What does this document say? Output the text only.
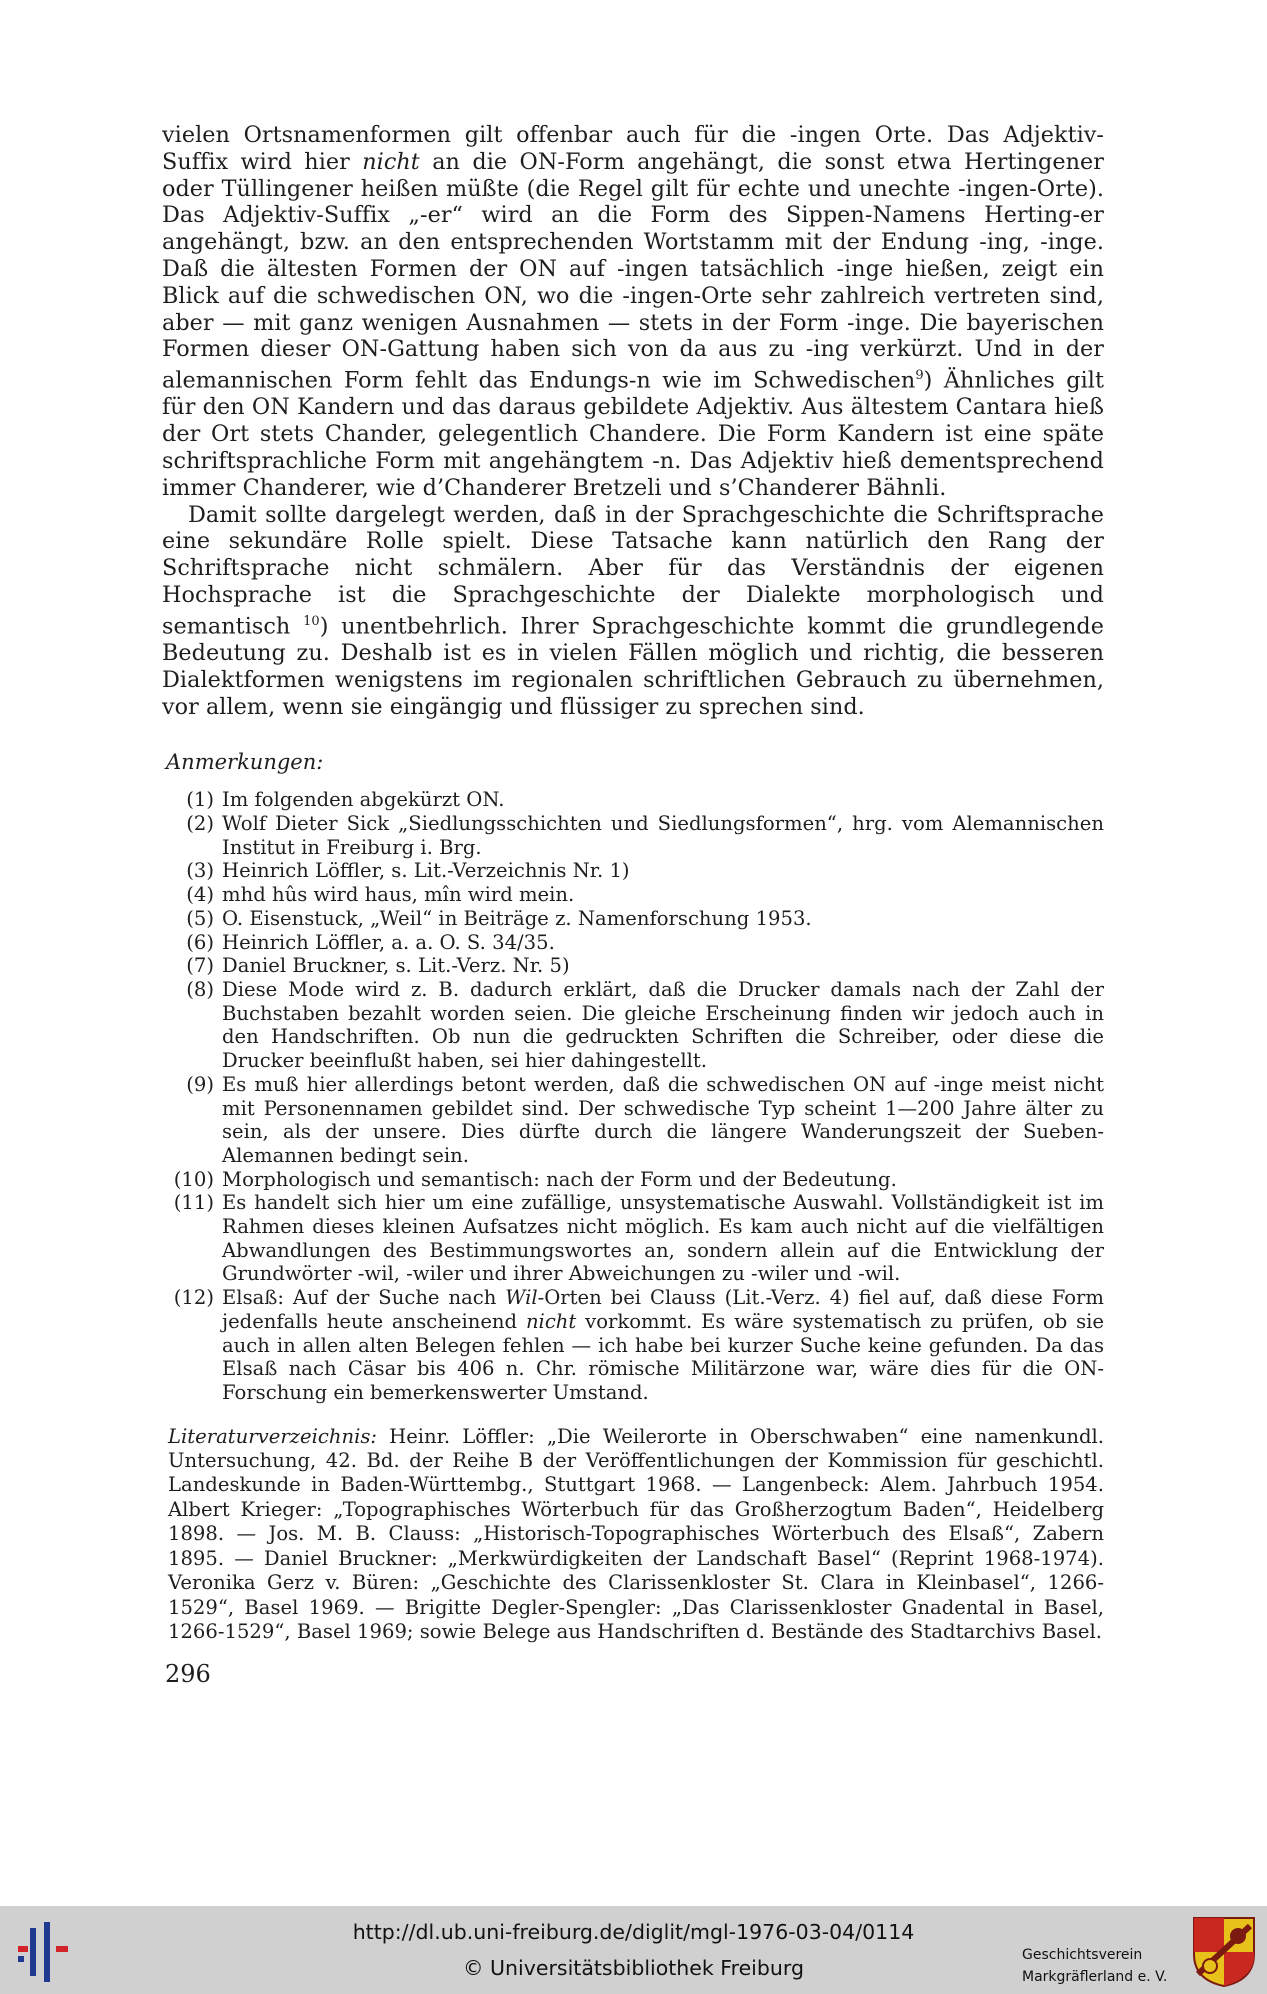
vielen Ortsnamenformen gilt offenbar auch für die -ingen Orte. Das Adjektiv-Suffix wird hier nicht an die ON-Form angehängt, die sonst etwa Hertingener oder Tüllingener heißen müßte (die Regel gilt für echte und unechte -ingen-Orte). Das Adjektiv-Suffix „-er“ wird an die Form des Sippen-Namens Herting-er angehängt, bzw. an den entsprechenden Wortstamm mit der Endung -ing, -inge. Daß die ältesten Formen der ON auf -ingen tatsächlich -inge hießen, zeigt ein Blick auf die schwedischen ON, wo die -ingen-Orte sehr zahlreich vertreten sind, aber — mit ganz wenigen Ausnahmen — stets in der Form -inge. Die bayerischen Formen dieser ON-Gattung haben sich von da aus zu -ing verkürzt. Und in der alemannischen Form fehlt das Endungs-n wie im Schwedischen$^9$) Ähnliches gilt für den ON Kandern und das daraus gebildete Adjektiv. Aus ältestem Cantara hieß der Ort stets Chander, gelegentlich Chandere. Die Form Kandern ist eine späte schriftsprachliche Form mit angehängtem -n. Das Adjektiv hieß dementsprechend immer Chanderer, wie d’Chanderer Bretzeli und s’Chanderer Bähnli.

Damit sollte dargelegt werden, daß in der Sprachgeschichte die Schriftsprache eine sekundäre Rolle spielt. Diese Tatsache kann natürlich den Rang der Schriftsprache nicht schmälern. Aber für das Verständnis der eigenen Hochsprache ist die Sprachgeschichte der Dialekte morphologisch und semantisch $^{10}$) unentbehrlich. Ihrer Sprachgeschichte kommt die grundlegende Bedeutung zu. Deshalb ist es in vielen Fällen möglich und richtig, die besseren Dialektformen wenigstens im regionalen schriftlichen Gebrauch zu übernehmen, vor allem, wenn sie eingängig und flüssiger zu sprechen sind.

Anmerkungen:
(1) Im folgenden abgekürzt ON.
(2) Wolf Dieter Sick „Siedlungsschichten und Siedlungsformen“, hrg. vom Alemannischen Institut in Freiburg i. Brg.
(3) Heinrich Löffler, s. Lit.-Verzeichnis Nr. 1)
(4) mhd hûs wird haus, mîn wird mein.
(5) O. Eisenstuck, „Weil“ in Beiträge z. Namenforschung 1953.
(6) Heinrich Löffler, a. a. O. S. 34/35.
(7) Daniel Bruckner, s. Lit.-Verz. Nr. 5)
(8) Diese Mode wird z. B. dadurch erklärt, daß die Drucker damals nach der Zahl der Buchstaben bezahlt worden seien. Die gleiche Erscheinung finden wir jedoch auch in den Handschriften. Ob nun die gedruckten Schriften die Schreiber, oder diese die Drucker beeinflußt haben, sei hier dahingestellt.
(9) Es muß hier allerdings betont werden, daß die schwedischen ON auf -inge meist nicht mit Personennamen gebildet sind. Der schwedische Typ scheint 1—200 Jahre älter zu sein, als der unsere. Dies dürfte durch die längere Wanderungszeit der Sueben-Alemannen bedingt sein.
(10) Morphologisch und semantisch: nach der Form und der Bedeutung.
(11) Es handelt sich hier um eine zufällige, unsystematische Auswahl. Vollständigkeit ist im Rahmen dieses kleinen Aufsatzes nicht möglich. Es kam auch nicht auf die vielfältigen Abwandlungen des Bestimmungswortes an, sondern allein auf die Entwicklung der Grundwörter -wil, -wiler und ihrer Abweichungen zu -wiler und -wil.
(12) Elsaß: Auf der Suche nach Wil-Orten bei Clauss (Lit.-Verz. 4) fiel auf, daß diese Form jedenfalls heute anscheinend nicht vorkommt. Es wäre systematisch zu prüfen, ob sie auch in allen alten Belegen fehlen — ich habe bei kurzer Suche keine gefunden. Da das Elsaß nach Cäsar bis 406 n. Chr. römische Militärzone war, wäre dies für die ON-Forschung ein bemerkenswerter Umstand.
Literaturverzeichnis: Heinr. Löffler: „Die Weilerorte in Oberschwaben“ eine namenkundl. Untersuchung, 42. Bd. der Reihe B der Veröffentlichungen der Kommission für geschichtl. Landeskunde in Baden-Württembg., Stuttgart 1968. — Langenbeck: Alem. Jahrbuch 1954. Albert Krieger: „Topographisches Wörterbuch für das Großherzogtum Baden“, Heidelberg 1898. — Jos. M. B. Clauss: „Historisch-Topographisches Wörterbuch des Elsaß“, Zabern 1895. — Daniel Bruckner: „Merkwürdigkeiten der Landschaft Basel“ (Reprint 1968-1974). Veronika Gerz v. Büren: „Geschichte des Clarissenkloster St. Clara in Kleinbasel“, 1266-1529“, Basel 1969. — Brigitte Degler-Spengler: „Das Clarissenkloster Gnadental in Basel, 1266-1529“, Basel 1969; sowie Belege aus Handschriften d. Bestände des Stadtarchivs Basel.
296
http://dl.ub.uni-freiburg.de/diglit/mgl-1976-03-04/0114
© Universitätsbibliothek Freiburg
Geschichtsverein
Markgräflerland e. V.
